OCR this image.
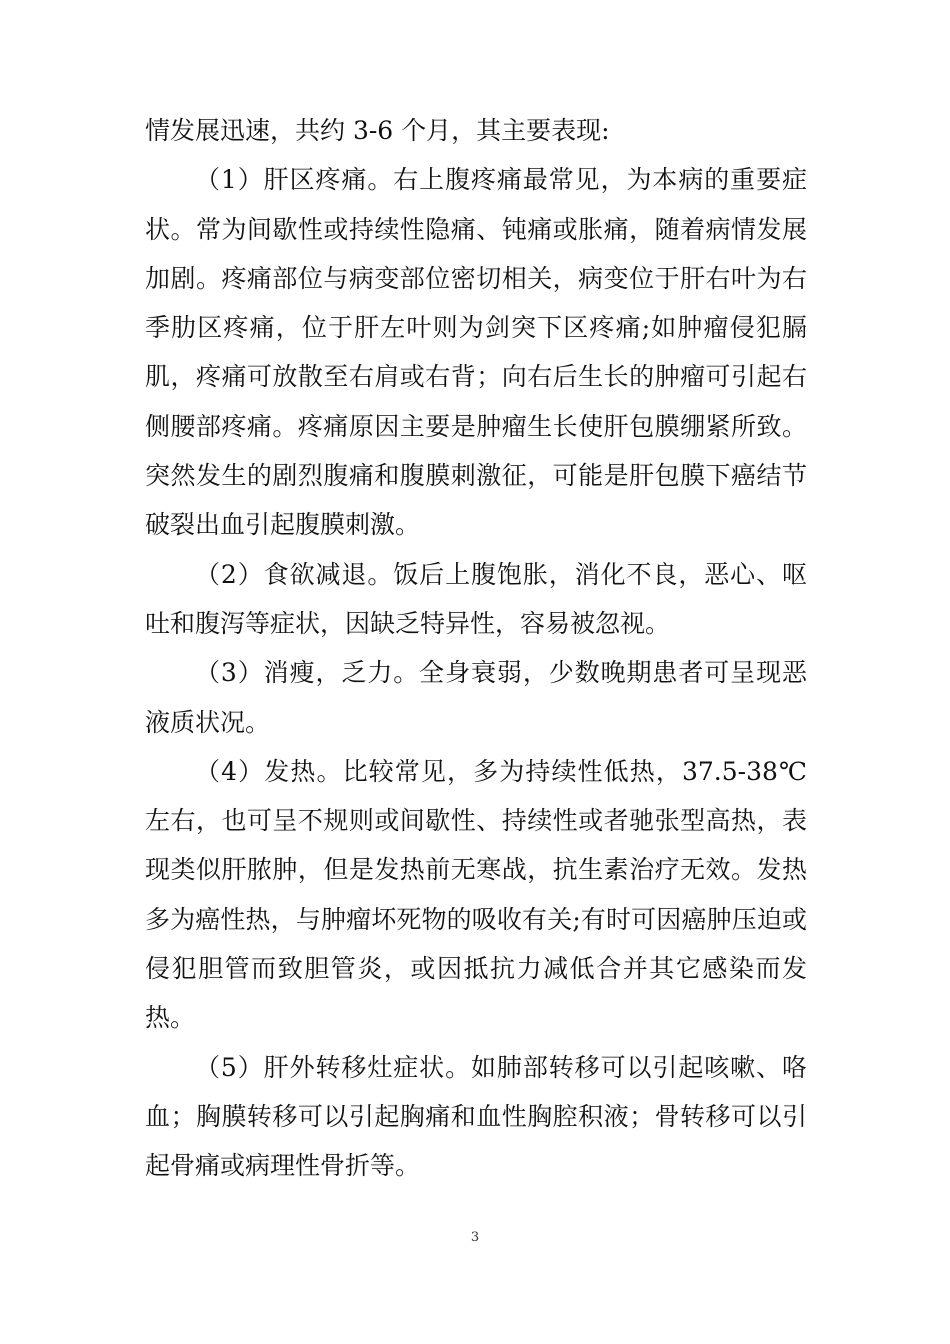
情发展迅速，共约 3-6 个月，其主要表现:

（1）肝区疼痛。右上腹疼痛最常见，为本病的重要症状。常为间歇性或持续性隐痛、钝痛或胀痛，随着病情发展加剧。疼痛部位与病变部位密切相关，病变位于肝右叶为右季肋区疼痛，位于肝左叶则为剑突下区疼痛;如肿瘤侵犯膈肌，疼痛可放散至右肩或右背；向右后生长的肿瘤可引起右侧腰部疼痛。疼痛原因主要是肿瘤生长使肝包膜绷紧所致。突然发生的剧烈腹痛和腹膜刺激征，可能是肝包膜下癌结节破裂出血引起腹膜刺激。

（2）食欲减退。饭后上腹饱胀，消化不良，恶心、呕吐和腹泻等症状，因缺乏特异性，容易被忽视。

（3）消瘦，乏力。全身衰弱，少数晚期患者可呈现恶液质状况。

（4）发热。比较常见，多为持续性低热，37.5-38℃左右，也可呈不规则或间歇性、持续性或者驰张型高热，表现类似肝脓肿，但是发热前无寒战，抗生素治疗无效。发热多为癌性热，与肿瘤坏死物的吸收有关;有时可因癌肿压迫或侵犯胆管而致胆管炎，或因抵抗力减低合并其它感染而发热。

（5）肝外转移灶症状。如肺部转移可以引起咳嗽、咯血；胸膜转移可以引起胸痛和血性胸腔积液；骨转移可以引起骨痛或病理性骨折等。

3
